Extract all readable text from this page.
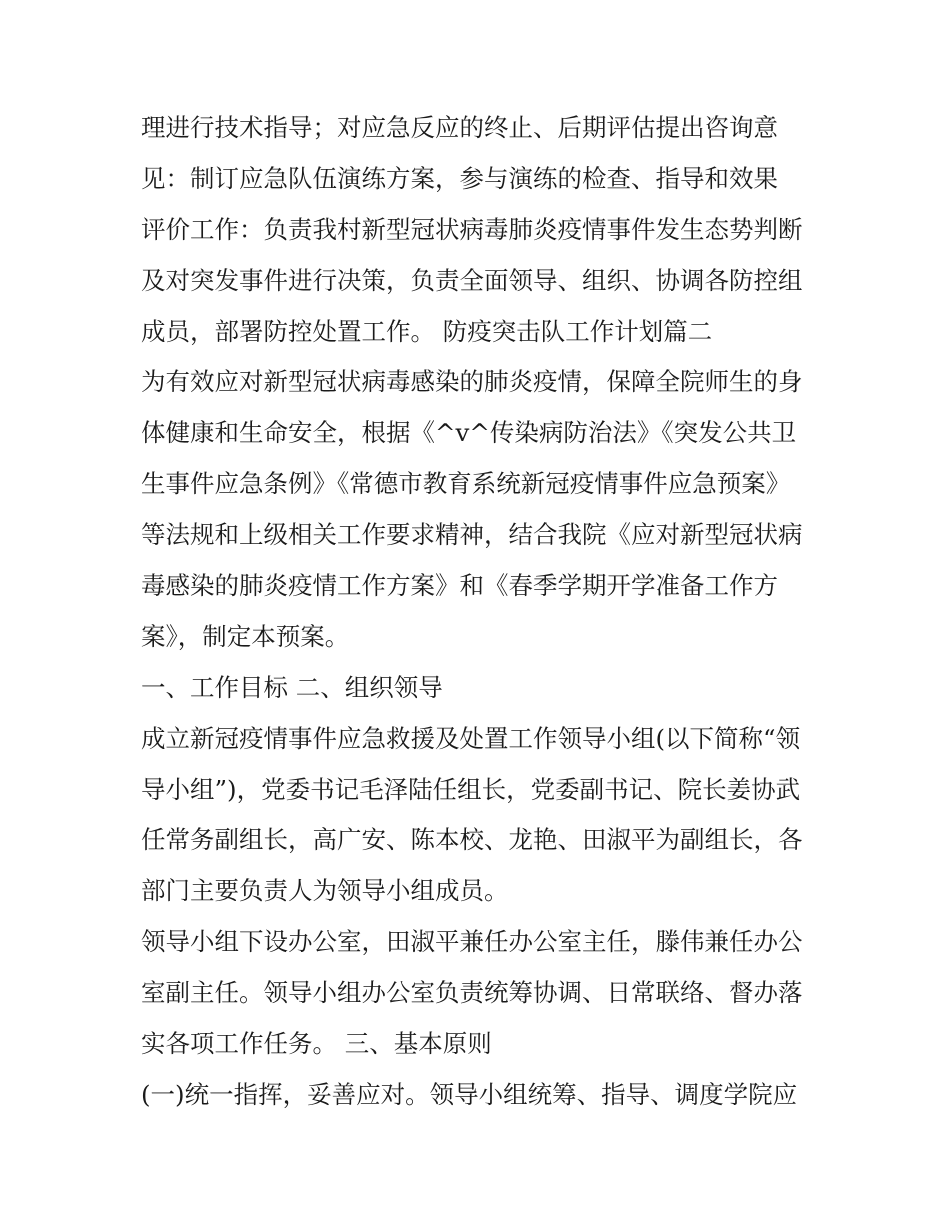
理进行技术指导；对应急反应的终止、后期评估提出咨询意
见：制订应急队伍演练方案，参与演练的检查、指导和效果
评价工作：负责我村新型冠状病毒肺炎疫情事件发生态势判断
及对突发事件进行决策，负责全面领导、组织、协调各防控组
成员，部署防控处置工作。 防疫突击队工作计划篇二
为有效应对新型冠状病毒感染的肺炎疫情，保障全院师生的身
体健康和生命安全，根据《^v^传染病防治法》《突发公共卫
生事件应急条例》《常德市教育系统新冠疫情事件应急预案》
等法规和上级相关工作要求精神，结合我院《应对新型冠状病
毒感染的肺炎疫情工作方案》和《春季学期开学准备工作方
案》，制定本预案。
一、工作目标 二、组织领导
成立新冠疫情事件应急救援及处置工作领导小组(以下简称“领
导小组”)，党委书记毛泽陆任组长，党委副书记、院长姜协武
任常务副组长，高广安、陈本校、龙艳、田淑平为副组长，各
部门主要负责人为领导小组成员。
领导小组下设办公室，田淑平兼任办公室主任，滕伟兼任办公
室副主任。领导小组办公室负责统筹协调、日常联络、督办落
实各项工作任务。 三、基本原则
(一)统一指挥，妥善应对。领导小组统筹、指导、调度学院应
